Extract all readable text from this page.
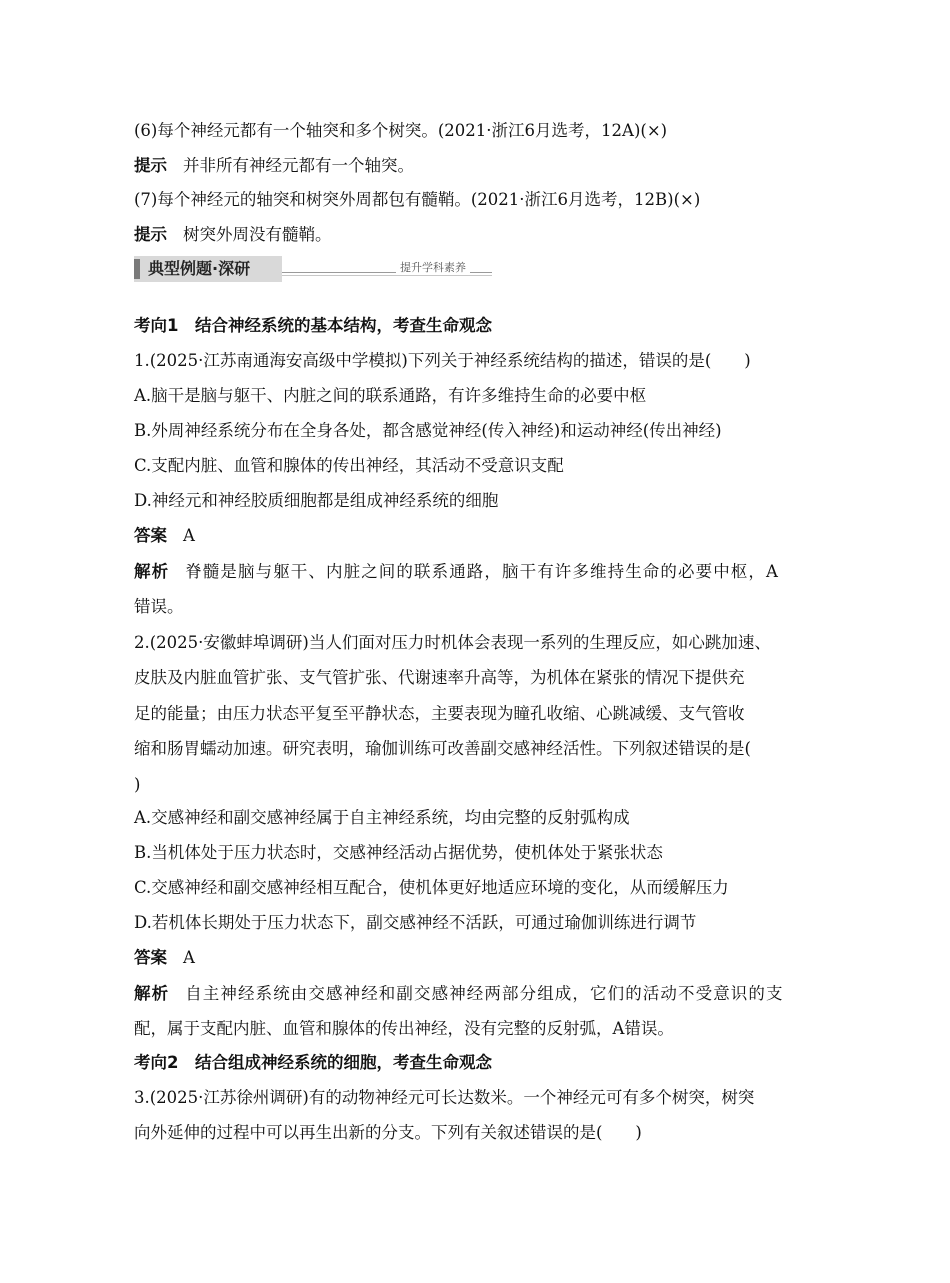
(6)每个神经元都有一个轴突和多个树突。(2021·浙江6月选考，12A)(×)
提示 并非所有神经元都有一个轴突。
(7)每个神经元的轴突和树突外周都包有髓鞘。(2021·浙江6月选考，12B)(×)
提示 树突外周没有髓鞘。
典型例题·深研	提升学科素养
考向1　结合神经系统的基本结构，考查生命观念
1.(2025·江苏南通海安高级中学模拟)下列关于神经系统结构的描述，错误的是(　　)
A.脑干是脑与躯干、内脏之间的联系通路，有许多维持生命的必要中枢
B.外周神经系统分布在全身各处，都含感觉神经(传入神经)和运动神经(传出神经)
C.支配内脏、血管和腺体的传出神经，其活动不受意识支配
D.神经元和神经胶质细胞都是组成神经系统的细胞
答案 A
解析 脊髓是脑与躯干、内脏之间的联系通路，脑干有许多维持生命的必要中枢，A
错误。
2.(2025·安徽蚌埠调研)当人们面对压力时机体会表现一系列的生理反应，如心跳加速、
皮肤及内脏血管扩张、支气管扩张、代谢速率升高等，为机体在紧张的情况下提供充
足的能量；由压力状态平复至平静状态，主要表现为瞳孔收缩、心跳减缓、支气管收
缩和肠胃蠕动加速。研究表明，瑜伽训练可改善副交感神经活性。下列叙述错误的是(
)
A.交感神经和副交感神经属于自主神经系统，均由完整的反射弧构成
B.当机体处于压力状态时，交感神经活动占据优势，使机体处于紧张状态
C.交感神经和副交感神经相互配合，使机体更好地适应环境的变化，从而缓解压力
D.若机体长期处于压力状态下，副交感神经不活跃，可通过瑜伽训练进行调节
答案 A
解析 自主神经系统由交感神经和副交感神经两部分组成，它们的活动不受意识的支
配，属于支配内脏、血管和腺体的传出神经，没有完整的反射弧，A错误。
考向2　结合组成神经系统的细胞，考查生命观念
3.(2025·江苏徐州调研)有的动物神经元可长达数米。一个神经元可有多个树突，树突
向外延伸的过程中可以再生出新的分支。下列有关叙述错误的是(　　)
